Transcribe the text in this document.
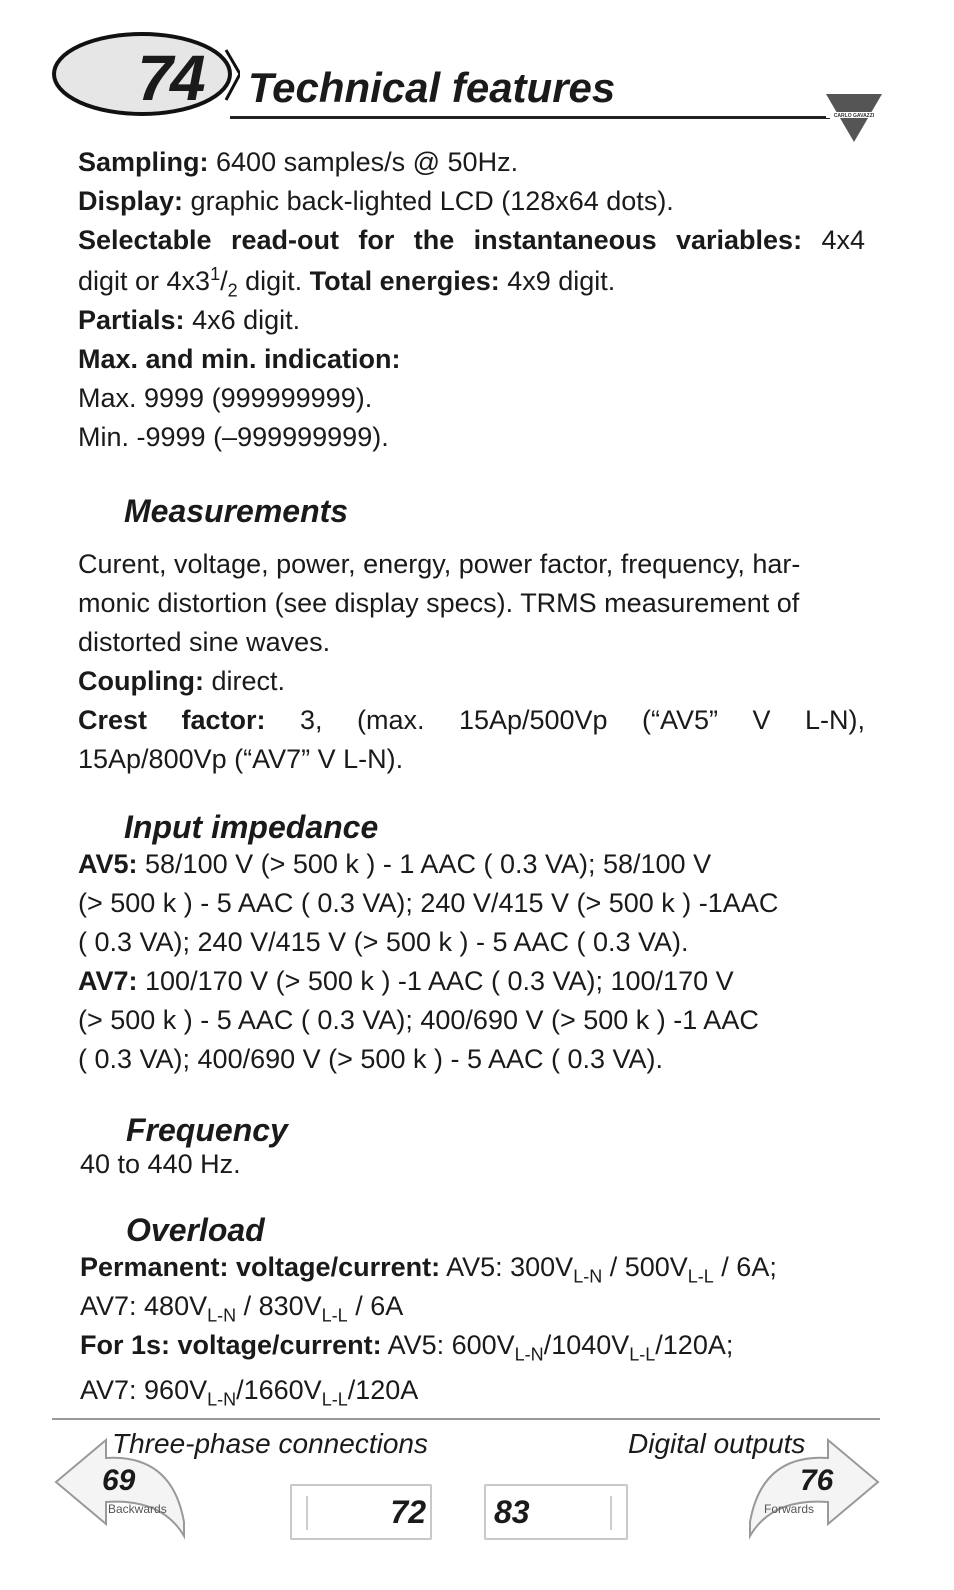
74	Technical features
CARLO GAVAZZI

Sampling: 6400 samples/s @ 50Hz.

Display: graphic back-lighted LCD (128x64 dots).

Selectable read-out for the instantaneous variables: 4x4

digit or $4x3^1/_2$ digit. Total energies: 4x9 digit.

Partials: 4x6 digit.

Max. and min. indication:

Max. 9999 (999999999).

Min. -9999 (–999999999).

Measurements

Curent, voltage, power, energy, power factor, frequency, har-

monic distortion (see display specs). TRMS measurement of

distorted sine waves.

Coupling: direct.

Crest factor: 3, (max. 15Ap/500Vp (“AV5” V L-N),

15Ap/800Vp (“AV7” V L-N).

Input impedance

AV5: 58/100 V (> 500 k ) - 1 AAC ( 0.3 VA); 58/100 V

(> 500 k ) - 5 AAC ( 0.3 VA); 240 V/415 V (> 500 k ) -1AAC

( 0.3 VA); 240 V/415 V (> 500 k ) - 5 AAC ( 0.3 VA).

AV7: 100/170 V (> 500 k ) -1 AAC ( 0.3 VA); 100/170 V

(> 500 k ) - 5 AAC ( 0.3 VA); 400/690 V (> 500 k ) -1 AAC

( 0.3 VA); 400/690 V (> 500 k ) - 5 AAC ( 0.3 VA).

Frequency

40 to 440 Hz.

Overload

Permanent: voltage/current: AV5: $300V_{L-N} / 500V_{L-L} / 6A$;

AV7: $480V_{L-N} / 830V_{L-L} / 6A$

For 1s: voltage/current: AV5: $600V_{L-N}/1040V_{L-L}/120A$;

AV7: $960V_{L-N}/1660V_{L-L}/120A$

Three-phase connections	Digital outputs
69
Backwards
76
Forwards
72 83
